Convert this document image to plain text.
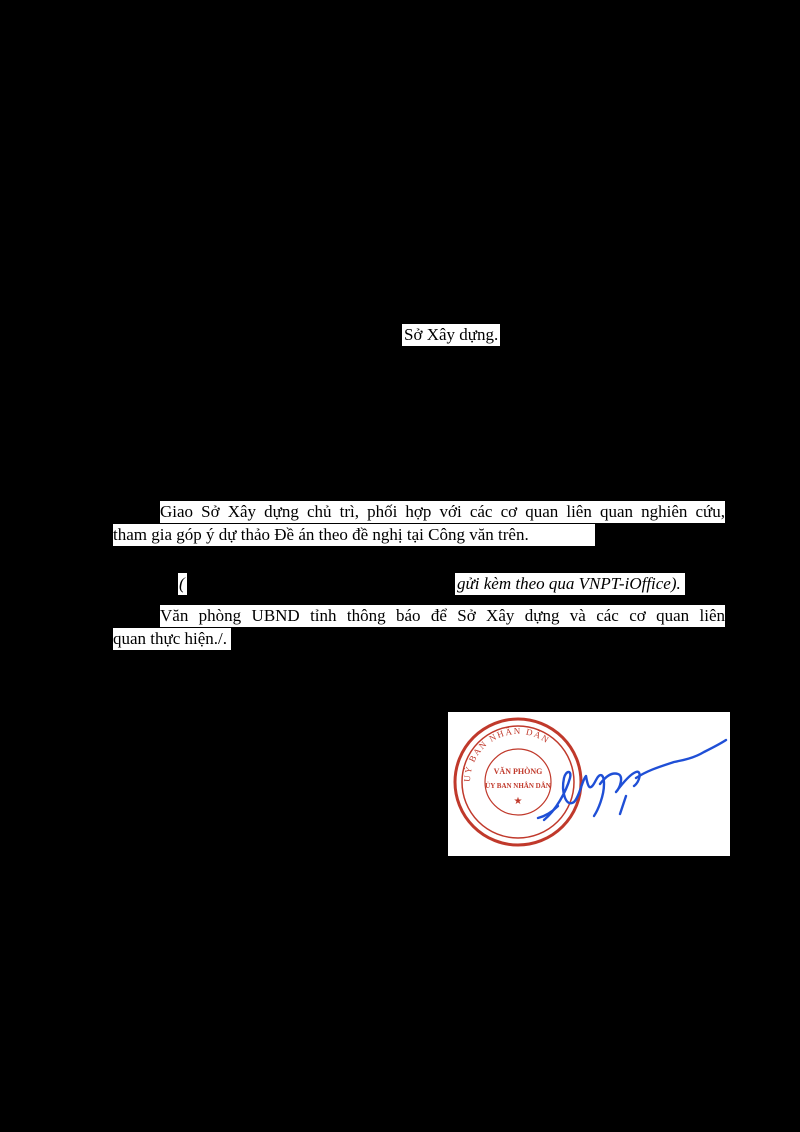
Sở Xây dựng.
Giao Sở Xây dựng chủ trì, phối hợp với các cơ quan liên quan nghiên cứu,
tham gia góp ý dự thảo Đề án theo đề nghị tại Công văn trên.
(	gửi kèm theo qua VNPT-iOffice).
Văn phòng UBND tỉnh thông báo để Sở Xây dựng và các cơ quan liên
quan thực hiện./.
UỶ BAN NHÂN DÂN
VĂN PHÒNG
ỦY BAN NHÂN DÂN
★
